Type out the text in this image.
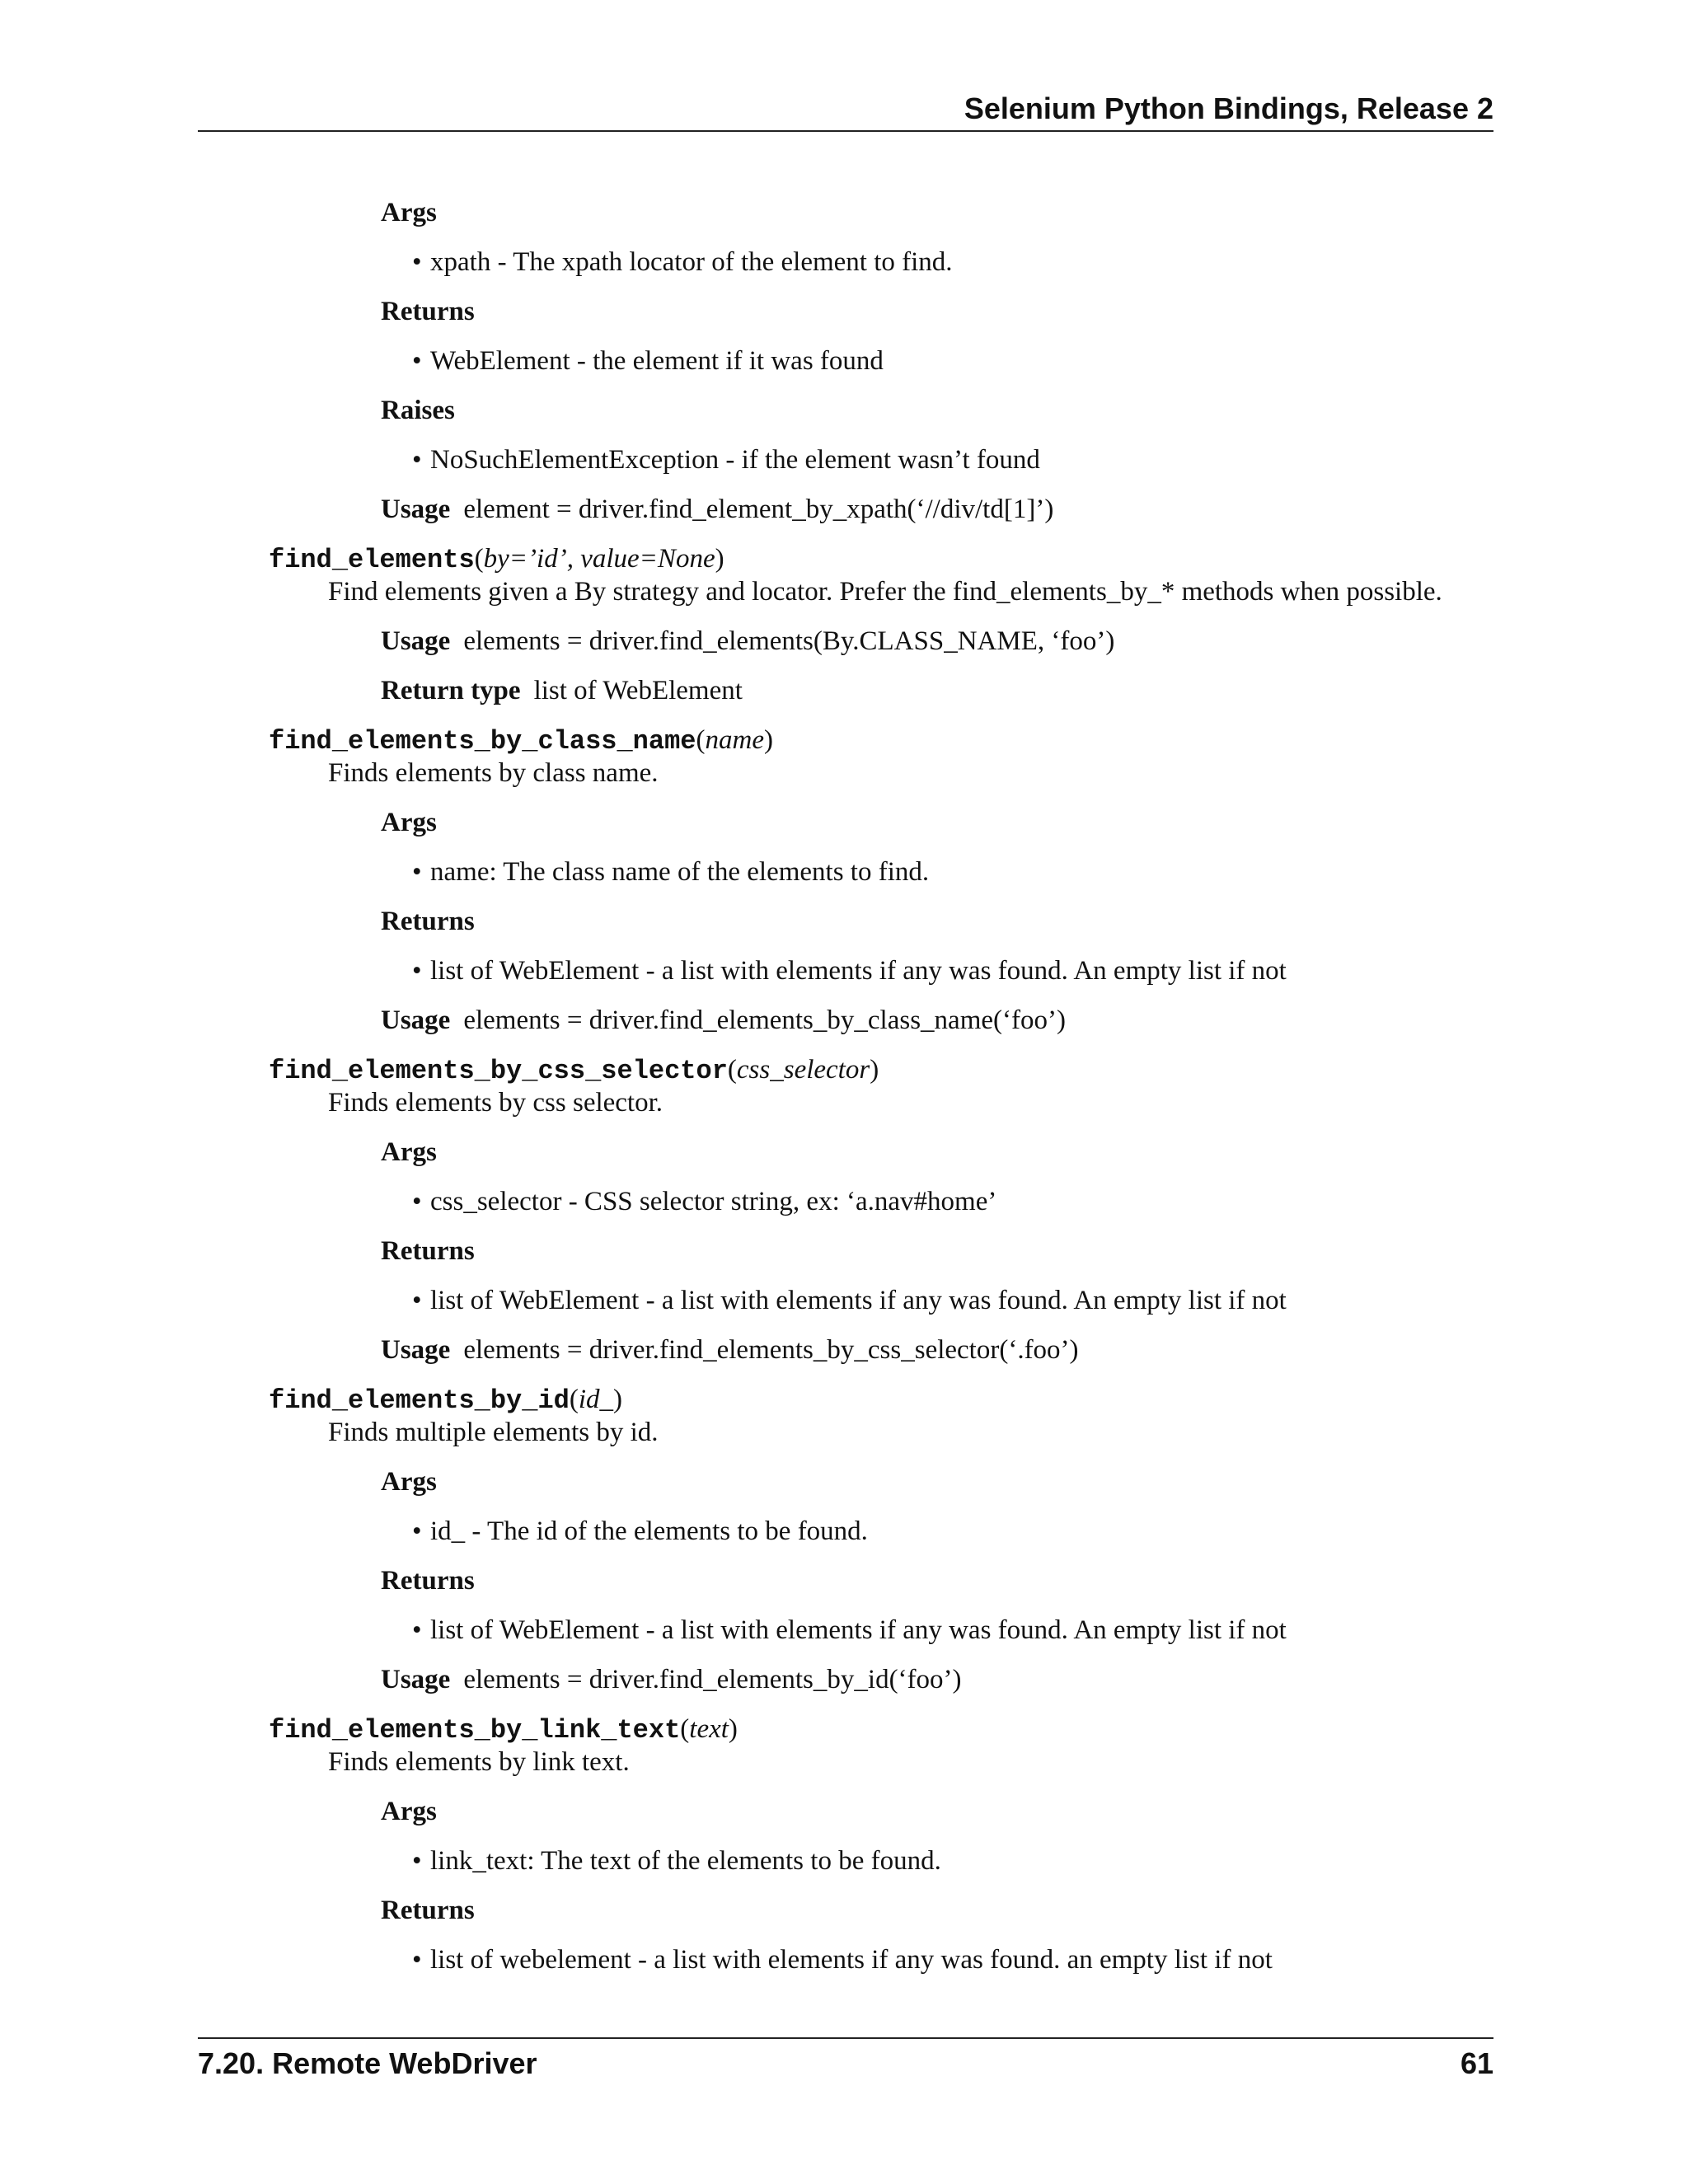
Selenium Python Bindings, Release 2
Args
• xpath - The xpath locator of the element to find.
Returns
• WebElement - the element if it was found
Raises
• NoSuchElementException - if the element wasn’t found
Usage element = driver.find_element_by_xpath(‘//div/td[1]’)
find_elements(by=’id’, value=None)
Find elements given a By strategy and locator. Prefer the find_elements_by_* methods when possible.
Usage elements = driver.find_elements(By.CLASS_NAME, ‘foo’)
Return type list of WebElement
find_elements_by_class_name(name)
Finds elements by class name.
Args
• name: The class name of the elements to find.
Returns
• list of WebElement - a list with elements if any was found. An empty list if not
Usage elements = driver.find_elements_by_class_name(‘foo’)
find_elements_by_css_selector(css_selector)
Finds elements by css selector.
Args
• css_selector - CSS selector string, ex: ‘a.nav#home’
Returns
• list of WebElement - a list with elements if any was found. An empty list if not
Usage elements = driver.find_elements_by_css_selector(‘.foo’)
find_elements_by_id(id_)
Finds multiple elements by id.
Args
• id_ - The id of the elements to be found.
Returns
• list of WebElement - a list with elements if any was found. An empty list if not
Usage elements = driver.find_elements_by_id(‘foo’)
find_elements_by_link_text(text)
Finds elements by link text.
Args
• link_text: The text of the elements to be found.
Returns
• list of webelement - a list with elements if any was found. an empty list if not
7.20. Remote WebDriver	61
